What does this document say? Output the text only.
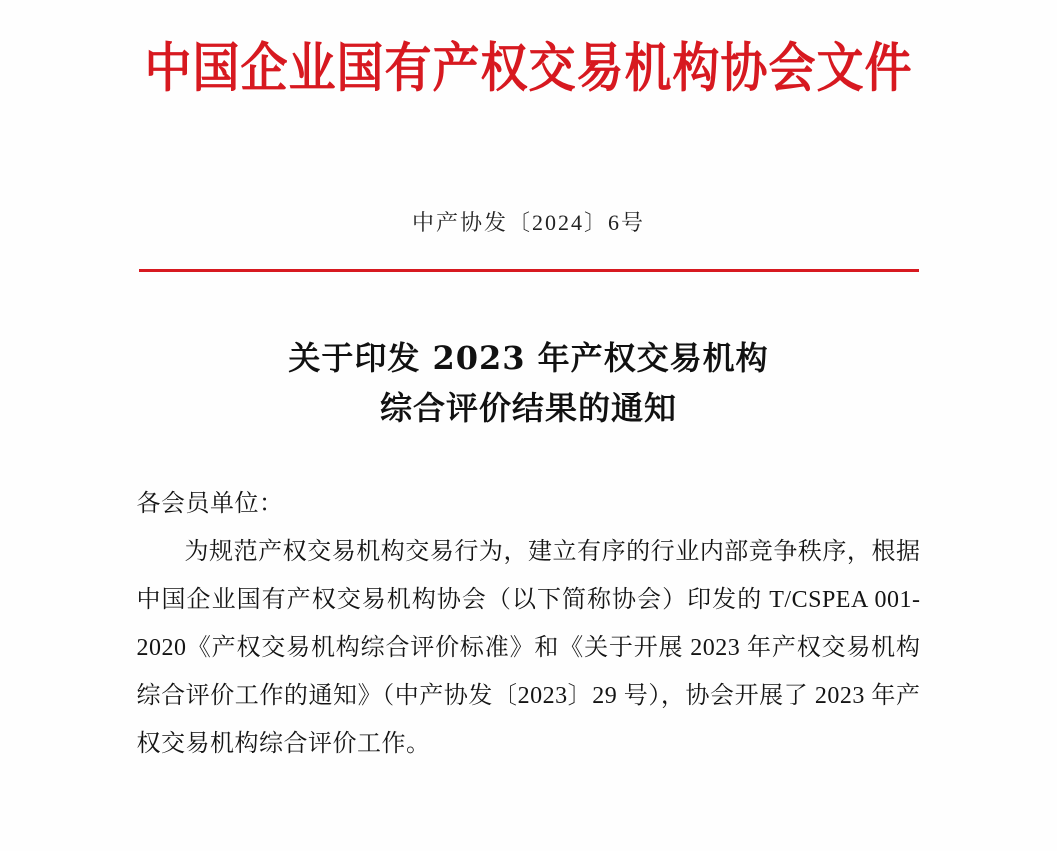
中国企业国有产权交易机构协会文件
中产协发〔2024〕6号
关于印发 2023 年产权交易机构
综合评价结果的通知

各会员单位：

为规范产权交易机构交易行为，建立有序的行业内部竞争秩序，根据中国企业国有产权交易机构协会（以下简称协会）印发的 T/CSPEA 001-2020《产权交易机构综合评价标准》和《关于开展 2023 年产权交易机构综合评价工作的通知》（中产协发〔2023〕29 号），协会开展了 2023 年产权交易机构综合评价工作。
